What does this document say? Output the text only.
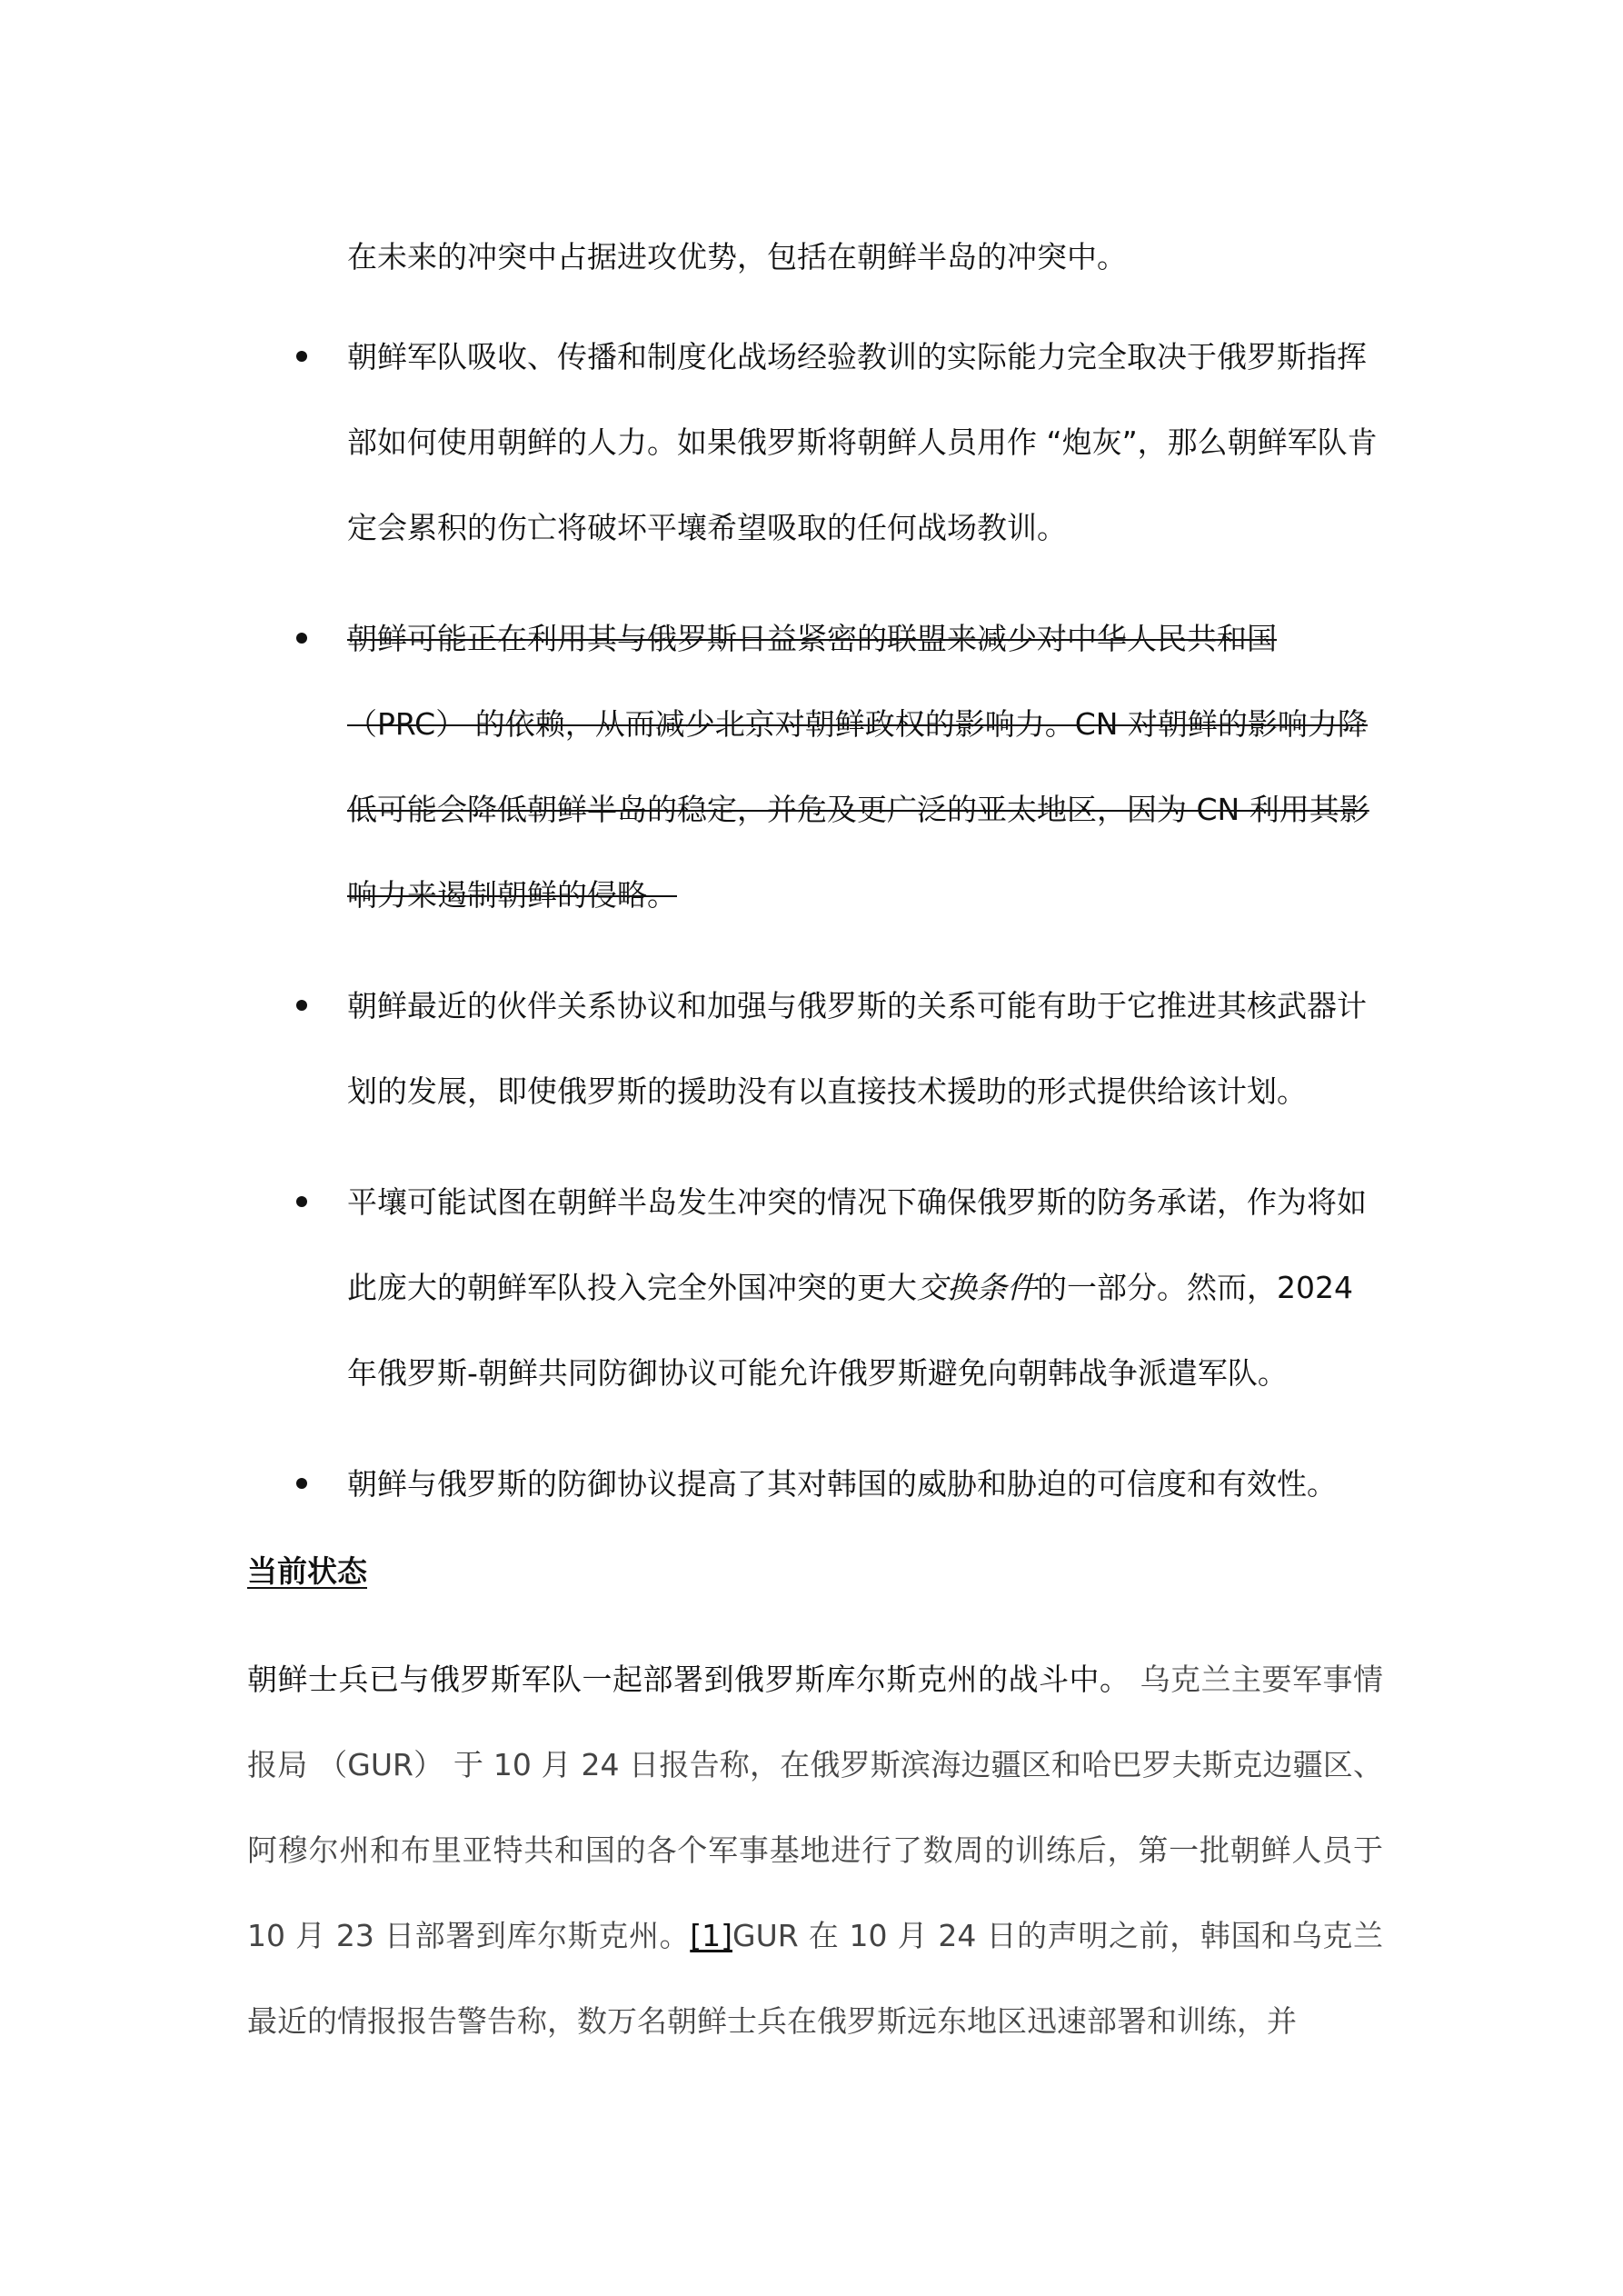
在未来的冲突中占据进攻优势，包括在朝鲜半岛的冲突中。

朝鲜军队吸收、传播和制度化战场经验教训的实际能力完全取决于俄罗斯指挥部如何使用朝鲜的人力。如果俄罗斯将朝鲜人员用作 “炮灰”，那么朝鲜军队肯定会累积的伤亡将破坏平壤希望吸取的任何战场教训。
朝鲜可能正在利用其与俄罗斯日益紧密的联盟来减少对中华人民共和国（PRC） 的依赖，从而减少北京对朝鲜政权的影响力。CN 对朝鲜的影响力降低可能会降低朝鲜半岛的稳定，并危及更广泛的亚太地区，因为 CN 利用其影响力来遏制朝鲜的侵略。
朝鲜最近的伙伴关系协议和加强与俄罗斯的关系可能有助于它推进其核武器计划的发展，即使俄罗斯的援助没有以直接技术援助的形式提供给该计划。
平壤可能试图在朝鲜半岛发生冲突的情况下确保俄罗斯的防务承诺，作为将如此庞大的朝鲜军队投入完全外国冲突的更大交换条件的一部分。然而，2024 年俄罗斯-朝鲜共同防御协议可能允许俄罗斯避免向朝韩战争派遣军队。
朝鲜与俄罗斯的防御协议提高了其对韩国的威胁和胁迫的可信度和有效性。
当前状态

朝鲜士兵已与俄罗斯军队一起部署到俄罗斯库尔斯克州的战斗中。 乌克兰主要军事情报局 （GUR） 于 10 月 24 日报告称，在俄罗斯滨海边疆区和哈巴罗夫斯克边疆区、阿穆尔州和布里亚特共和国的各个军事基地进行了数周的训练后，第一批朝鲜人员于 10 月 23 日部署到库尔斯克州。[1]GUR 在 10 月 24 日的声明之前，韩国和乌克兰最近的情报报告警告称，数万名朝鲜士兵在俄罗斯远东地区迅速部署和训练，并
